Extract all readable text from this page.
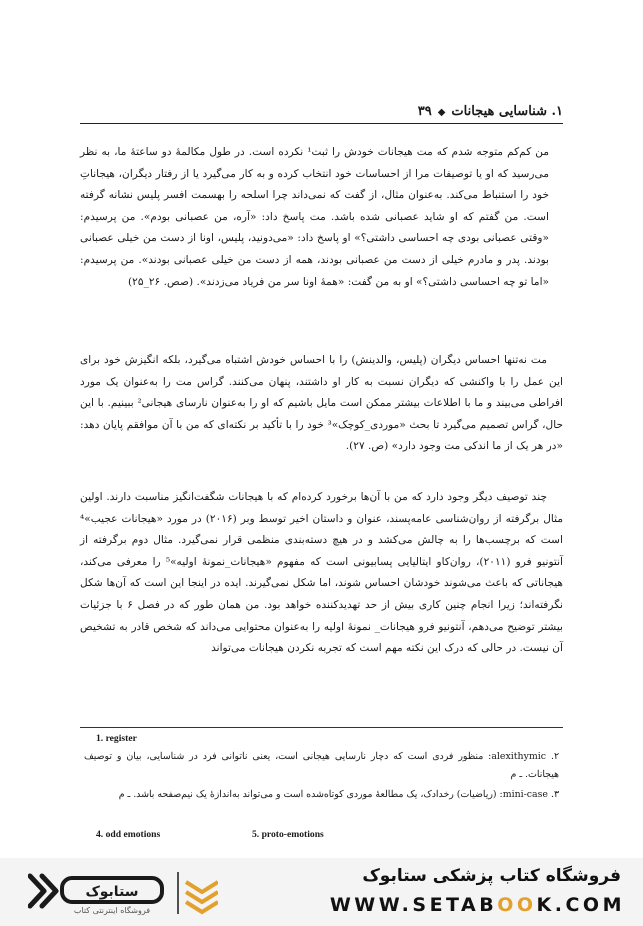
۱. شناسایی هیجانات
◆
۳۹

من کم‌کم متوجه شدم که مت هیجانات خودش را ثبت¹ نکرده است. در طول مکالمهٔ دو ساعتهٔ ما، به نظر می‌رسید که او یا توصیفات مرا از احساسات خود انتخاب کرده و به کار می‌گیرد یا از رفتار دیگران، هیجاناتِ خود را استنباط می‌کند. به‌عنوان مثال، از گفت که نمی‌داند چرا اسلحه را بهسمت افسر پلیس نشانه گرفته است. من گفتم که او شاید عصبانی شده باشد. مت پاسخ داد: «آره، من عصبانی بودم». من پرسیدم: «وقتی عصبانی بودی چه احساسی داشتی؟» او پاسخ داد: «می‌دونید، پلیس، اونا از دست من خیلی عصبانی بودند. پدر و مادرم خیلی از دست من عصبانی بودند، همه از دست من خیلی عصبانی بودند». من پرسیدم: «اما تو چه احساسی داشتی؟» او به من گفت: «همهٔ اونا سر من فریاد می‌زدند». (صص. ۲۶_۲۵)

مت نه‌تنها احساس دیگران (پلیس، والدینش) را با احساس خودش اشتباه می‌گیرد، بلکه انگیزش خود برای این عمل را با واکنشی که دیگران نسبت به کار او داشتند، پنهان می‌کنند. گراس مت را به‌عنوان یک مورد افراطی می‌بیند و ما با اطلاعات بیشتر ممکن است مایل باشیم که او را به‌عنوان نارسای هیجانی² ببینیم. با این حال، گراس تصمیم می‌گیرد تا بحث «موردی_کوچک»³ خود را با تأکید بر نکته‌ای که من با آن موافقم پایان دهد: «در هر یک از ما اندکی مت وجود دارد» (ص. ۲۷).

چند توصیف دیگر وجود دارد که من با آن‌ها برخورد کرده‌ام که با هیجانات شگفت‌انگیز مناسبت دارند. اولین مثال برگرفته از روان‌شناسی عامه‌پسند، عنوان و داستان اخیر توسط وبر (۲۰۱۶) در مورد «هیجانات عجیب»⁴ است که برچسب‌ها را به چالش می‌کشد و در هیچ دسته‌بندی منظمی قرار نمی‌گیرد. مثال دوم برگرفته از آنتونیو فرو (۲۰۱۱)، روان‌کاو ایتالیایی پسابیونی است که مفهوم «هیجانات_نمونهٔ اولیه»⁵ را معرفی می‌کند، هیجاناتی که باعث می‌شوند خودشان احساس شوند، اما شکل نمی‌گیرند. ایده در اینجا این است که آن‌ها شکل نگرفته‌اند؛ زیرا انجام چنین کاری بیش از حد تهدیدکننده خواهد بود. من همان طور که در فصل ۶ با جزئیات بیشتر توضیح می‌دهم، آنتونیو فرو هیجانات_ نمونهٔ اولیه را به‌عنوان محتوایی می‌داند که شخص قادر به تشخیص آن نیست. در حالی که درک این نکته مهم است که تجربه نکردن هیجانات می‌تواند

1. register
۲. alexithymic: منظور فردی است که دچار نارسایی هیجانی است، یعنی ناتوانی فرد در شناسایی، بیان و توصیف هیجانات. ـ م
۳. mini-case: (ریاضیات) رخدادک، یک مطالعهٔ موردی کوتاه‌شده است و می‌تواند به‌اندازهٔ یک نیم‌صفحه باشد. ـ م
4. odd emotions	5. proto-emotions
ستابوک
فروشگاه اینترنتی کتاب
فروشگاه کتاب پزشکی ستابوک
WWW.SETABOOK.COM
